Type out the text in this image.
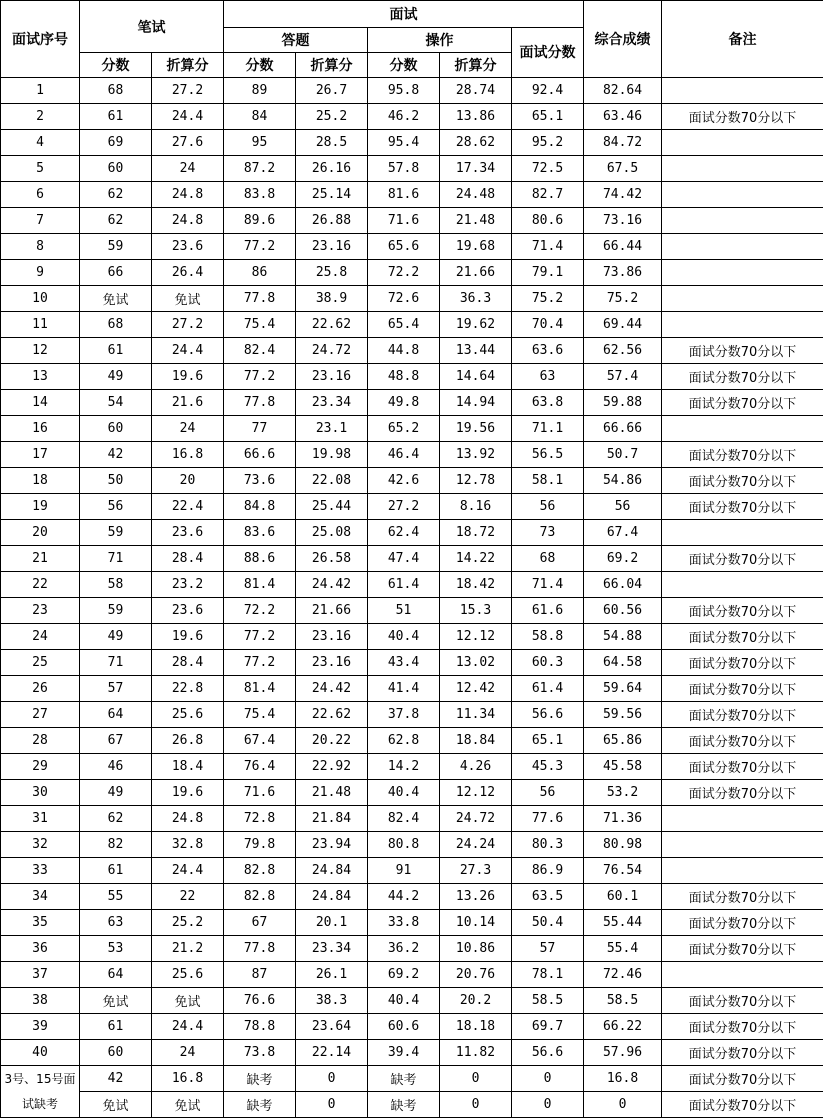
面试序号	笔试		面试					综合成绩	备注
			答题		操作		面试分数		
	分数	折算分	分数	折算分	分数	折算分			
1	68	27.2	89	26.7	95.8	28.74	92.4	82.64	
2	61	24.4	84	25.2	46.2	13.86	65.1	63.46	面试分数70分以下
4	69	27.6	95	28.5	95.4	28.62	95.2	84.72	
5	60	24	87.2	26.16	57.8	17.34	72.5	67.5	
6	62	24.8	83.8	25.14	81.6	24.48	82.7	74.42	
7	62	24.8	89.6	26.88	71.6	21.48	80.6	73.16	
8	59	23.6	77.2	23.16	65.6	19.68	71.4	66.44	
9	66	26.4	86	25.8	72.2	21.66	79.1	73.86	
10	免试	免试	77.8	38.9	72.6	36.3	75.2	75.2	
11	68	27.2	75.4	22.62	65.4	19.62	70.4	69.44	
12	61	24.4	82.4	24.72	44.8	13.44	63.6	62.56	面试分数70分以下
13	49	19.6	77.2	23.16	48.8	14.64	63	57.4	面试分数70分以下
14	54	21.6	77.8	23.34	49.8	14.94	63.8	59.88	面试分数70分以下
16	60	24	77	23.1	65.2	19.56	71.1	66.66	
17	42	16.8	66.6	19.98	46.4	13.92	56.5	50.7	面试分数70分以下
18	50	20	73.6	22.08	42.6	12.78	58.1	54.86	面试分数70分以下
19	56	22.4	84.8	25.44	27.2	8.16	56	56	面试分数70分以下
20	59	23.6	83.6	25.08	62.4	18.72	73	67.4	
21	71	28.4	88.6	26.58	47.4	14.22	68	69.2	面试分数70分以下
22	58	23.2	81.4	24.42	61.4	18.42	71.4	66.04	
23	59	23.6	72.2	21.66	51	15.3	61.6	60.56	面试分数70分以下
24	49	19.6	77.2	23.16	40.4	12.12	58.8	54.88	面试分数70分以下
25	71	28.4	77.2	23.16	43.4	13.02	60.3	64.58	面试分数70分以下
26	57	22.8	81.4	24.42	41.4	12.42	61.4	59.64	面试分数70分以下
27	64	25.6	75.4	22.62	37.8	11.34	56.6	59.56	面试分数70分以下
28	67	26.8	67.4	20.22	62.8	18.84	65.1	65.86	面试分数70分以下
29	46	18.4	76.4	22.92	14.2	4.26	45.3	45.58	面试分数70分以下
30	49	19.6	71.6	21.48	40.4	12.12	56	53.2	面试分数70分以下
31	62	24.8	72.8	21.84	82.4	24.72	77.6	71.36	
32	82	32.8	79.8	23.94	80.8	24.24	80.3	80.98	
33	61	24.4	82.8	24.84	91	27.3	86.9	76.54	
34	55	22	82.8	24.84	44.2	13.26	63.5	60.1	面试分数70分以下
35	63	25.2	67	20.1	33.8	10.14	50.4	55.44	面试分数70分以下
36	53	21.2	77.8	23.34	36.2	10.86	57	55.4	面试分数70分以下
37	64	25.6	87	26.1	69.2	20.76	78.1	72.46	
38	免试	免试	76.6	38.3	40.4	20.2	58.5	58.5	面试分数70分以下
39	61	24.4	78.8	23.64	60.6	18.18	69.7	66.22	面试分数70分以下
40	60	24	73.8	22.14	39.4	11.82	56.6	57.96	面试分数70分以下
3号、15号面试缺考	42	16.8	缺考	0	缺考	0	0	16.8	面试分数70分以下
	免试	免试	缺考	0	缺考	0	0	0	面试分数70分以下
